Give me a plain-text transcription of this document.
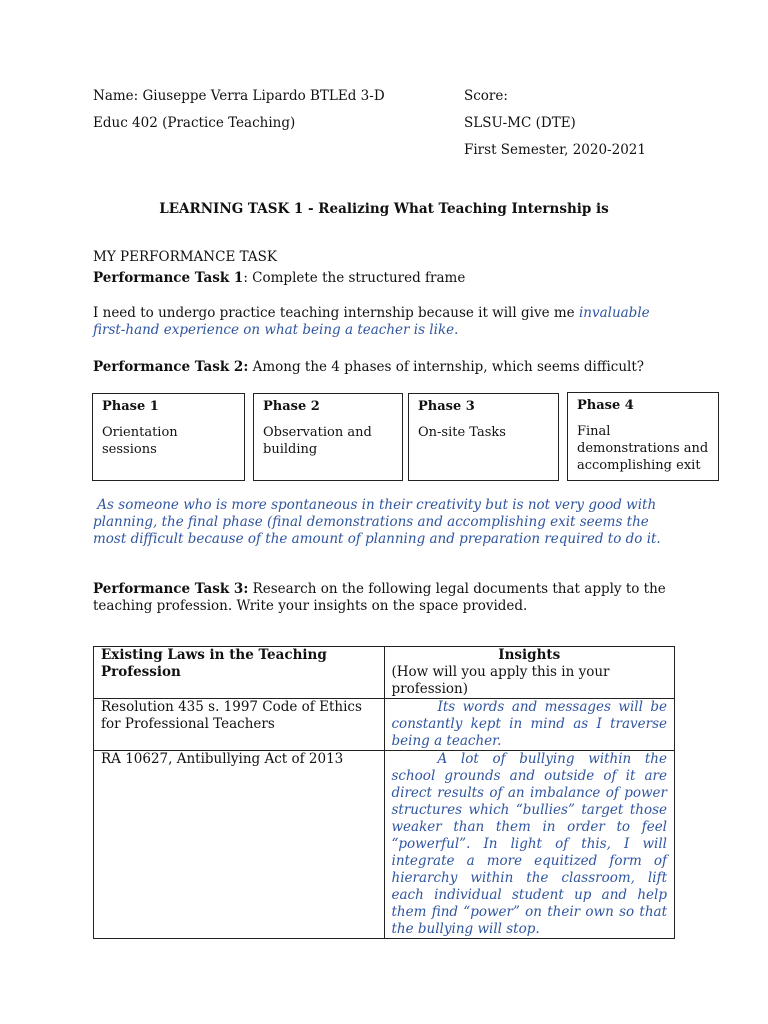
Name: Giuseppe Verra Lipardo BTLEd 3-D

Educ 402 (Practice Teaching)

Score:

SLSU-MC (DTE)

First Semester, 2020-2021

LEARNING TASK 1 - Realizing What Teaching Internship is

MY PERFORMANCE TASK

Performance Task 1: Complete the structured frame

I need to undergo practice teaching internship because it will give me invaluable first-hand experience on what being a teacher is like.

Performance Task 2: Among the 4 phases of internship, which seems difficult?

Phase 1
Orientation sessions
Phase 2
Observation and building
Phase 3
On-site Tasks
Phase 4
Final demonstrations and accomplishing exit

As someone who is more spontaneous in their creativity but is not very good with planning, the final phase (final demonstrations and accomplishing exit seems the most difficult because of the amount of planning and preparation required to do it.

Performance Task 3: Research on the following legal documents that apply to the teaching profession. Write your insights on the space provided.

Existing Laws in the Teaching Profession	Insights
(How will you apply this in your profession)

Resolution 435 s. 1997 Code of Ethics for Professional Teachers	Its words and messages will be constantly kept in mind as I traverse being a teacher.
RA 10627, Antibullying Act of 2013	A lot of bullying within the school grounds and outside of it are direct results of an imbalance of power structures which “bullies” target those weaker than them in order to feel “powerful”. In light of this, I will integrate a more equitized form of hierarchy within the classroom, lift each individual student up and help them find “power” on their own so that the bullying will stop.
